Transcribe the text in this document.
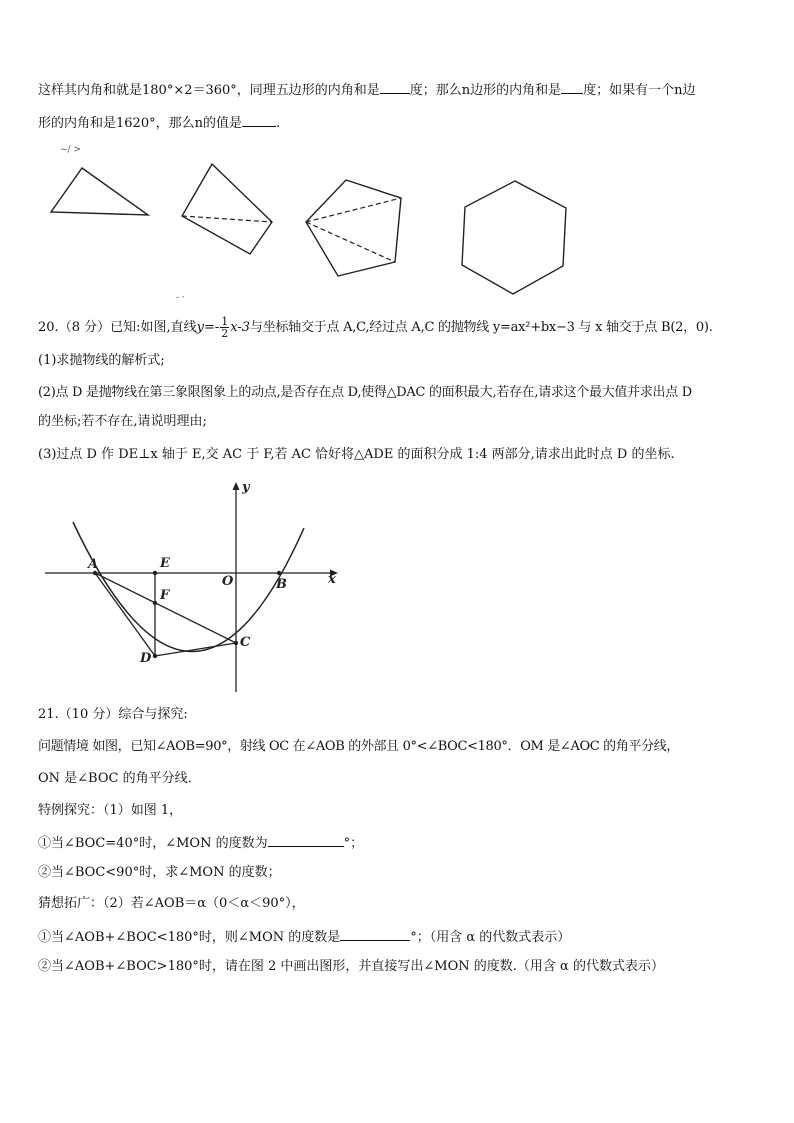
这样其内角和就是180°×2＝360°，同理五边形的内角和是 度；那么n边形的内角和是 度；如果有一个n边
形的内角和是1620°，那么n的值是	.
~/ >
- ·
20.（8 分）已知:如图,直线$y=- \frac{1}{2} x-3$与坐标轴交于点 A,C,经过点 A,C 的抛物线 y=ax²+bx−3 与 x 轴交于点 B(2，0).
(1)求抛物线的解析式;
(2)点 D 是抛物线在第三象限图象上的动点,是否存在点 D,使得△DAC 的面积最大,若存在,请求这个最大值并求出点 D
的坐标;若不存在,请说明理由;
(3)过点 D 作 DE⊥x 轴于 E,交 AC 于 F,若 AC 恰好将△ADE 的面积分成 1:4 两部分,请求出此时点 D 的坐标.
y
x
A	E
O	B
F
C
D
21.（10 分）综合与探究:
问题情境 如图，已知∠AOB=90°，射线 OC 在∠AOB 的外部且 0°<∠BOC<180°．OM 是∠AOC 的角平分线，
ON 是∠BOC 的角平分线．
特例探究：（1）如图 1，
①当∠BOC=40°时，∠MON 的度数为	°；
②当∠BOC<90°时，求∠MON 的度数；
猜想拓广：（2）若∠AOB＝α（0＜α＜90°），
①当∠AOB+∠BOC<180°时，则∠MON 的度数是	°；（用含 α 的代数式表示）
②当∠AOB+∠BOC>180°时，请在图 2 中画出图形，并直接写出∠MON 的度数.（用含 α 的代数式表示）
